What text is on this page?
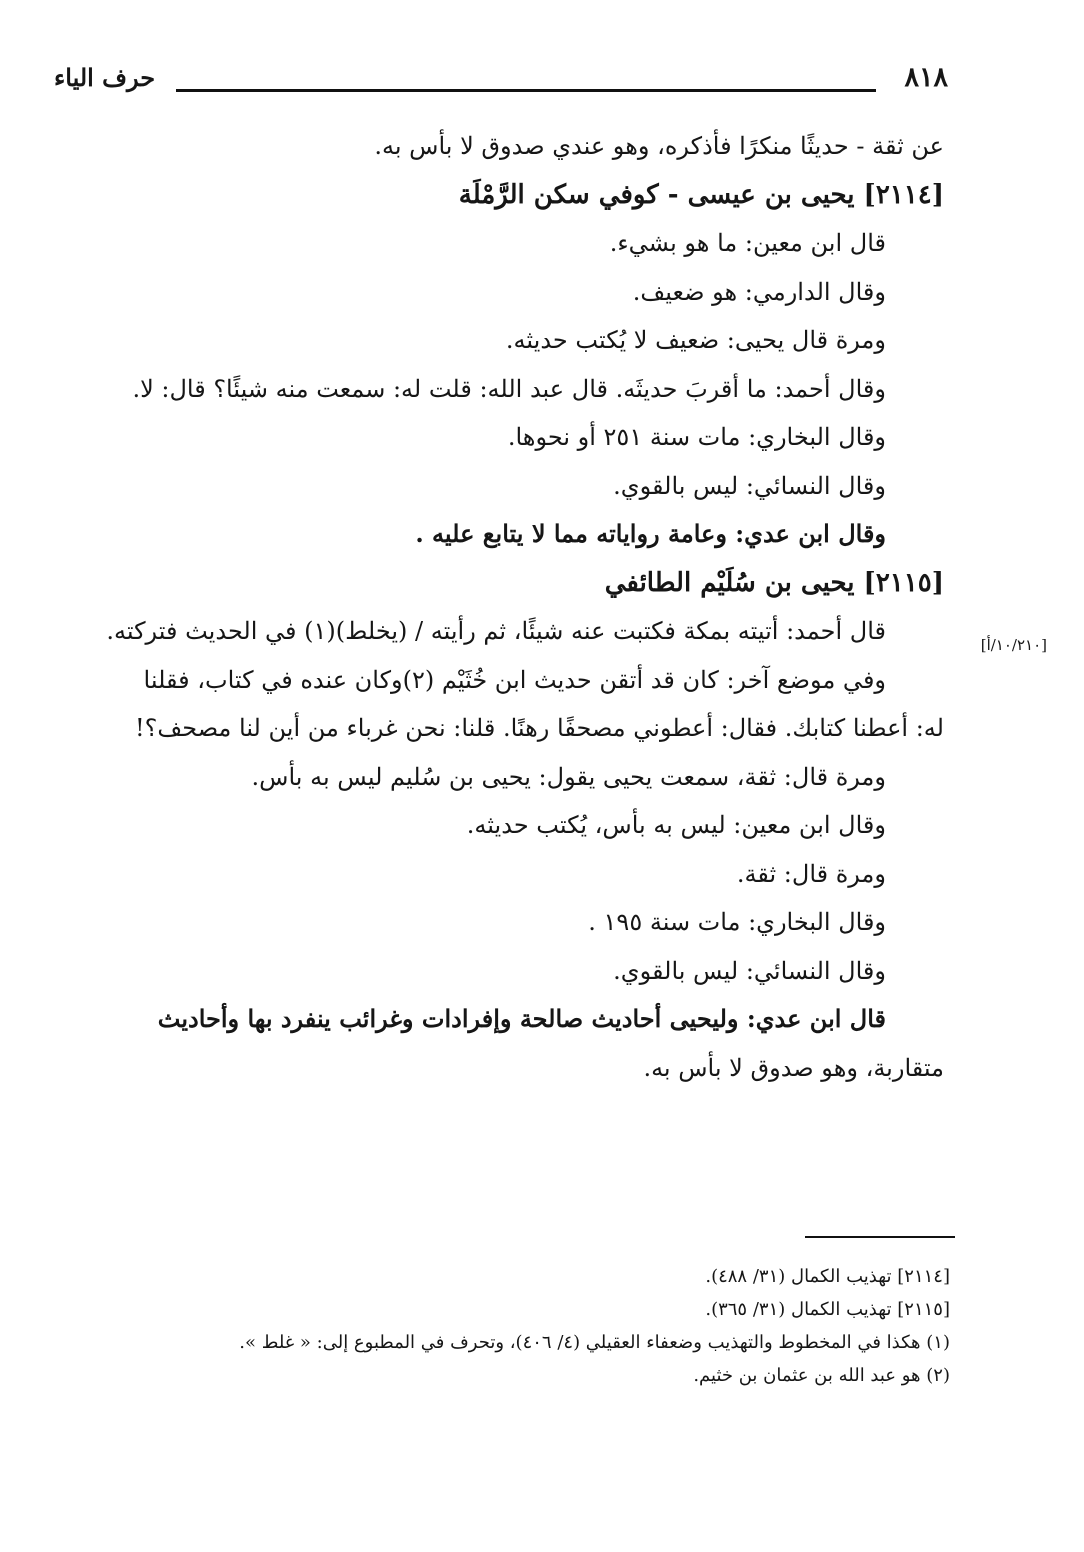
٨١٨
حرف الياء
عن ثقة - حديثًا منكرًا فأذكره، وهو عندي صدوق لا بأس به.
[٢١١٤] يحيى بن عيسى - كوفي سكن الرَّمْلَة
قال ابن معين: ما هو بشيء.
وقال الدارمي: هو ضعيف.
ومرة قال يحيى: ضعيف لا يُكتب حديثه.
وقال أحمد: ما أقربَ حديثَه. قال عبد الله: قلت له: سمعت منه شيئًا؟ قال: لا.
وقال البخاري: مات سنة ٢٥١ أو نحوها.
وقال النسائي: ليس بالقوي.
وقال ابن عدي: وعامة رواياته مما لا يتابع عليه .
[٢١١٥] يحيى بن سُلَيْم الطائفي
قال أحمد: أتيته بمكة فكتبت عنه شيئًا، ثم رأيته / (يخلط)(١) في الحديث فتركته.
وفي موضع آخر: كان قد أتقن حديث ابن خُثَيْم (٢)وكان عنده في كتاب، فقلنا
له: أعطنا كتابك. فقال: أعطوني مصحفًا رهنًا. قلنا: نحن غرباء من أين لنا مصحف؟!
ومرة قال: ثقة، سمعت يحيى يقول: يحيى بن سُليم ليس به بأس.
وقال ابن معين: ليس به بأس، يُكتب حديثه.
ومرة قال: ثقة.
وقال البخاري: مات سنة ١٩٥ .
وقال النسائي: ليس بالقوي.
قال ابن عدي: وليحيى أحاديث صالحة وإفرادات وغرائب ينفرد بها وأحاديث
متقاربة، وهو صدوق لا بأس به.
[١٠/٢١٠/أ]
[٢١١٤] تهذيب الكمال (٣١/ ٤٨٨).
[٢١١٥] تهذيب الكمال (٣١/ ٣٦٥).
(١) هكذا في المخطوط والتهذيب وضعفاء العقيلي (٤/ ٤٠٦)، وتحرف في المطبوع إلى: « غلط ».
(٢) هو عبد الله بن عثمان بن خثيم.
